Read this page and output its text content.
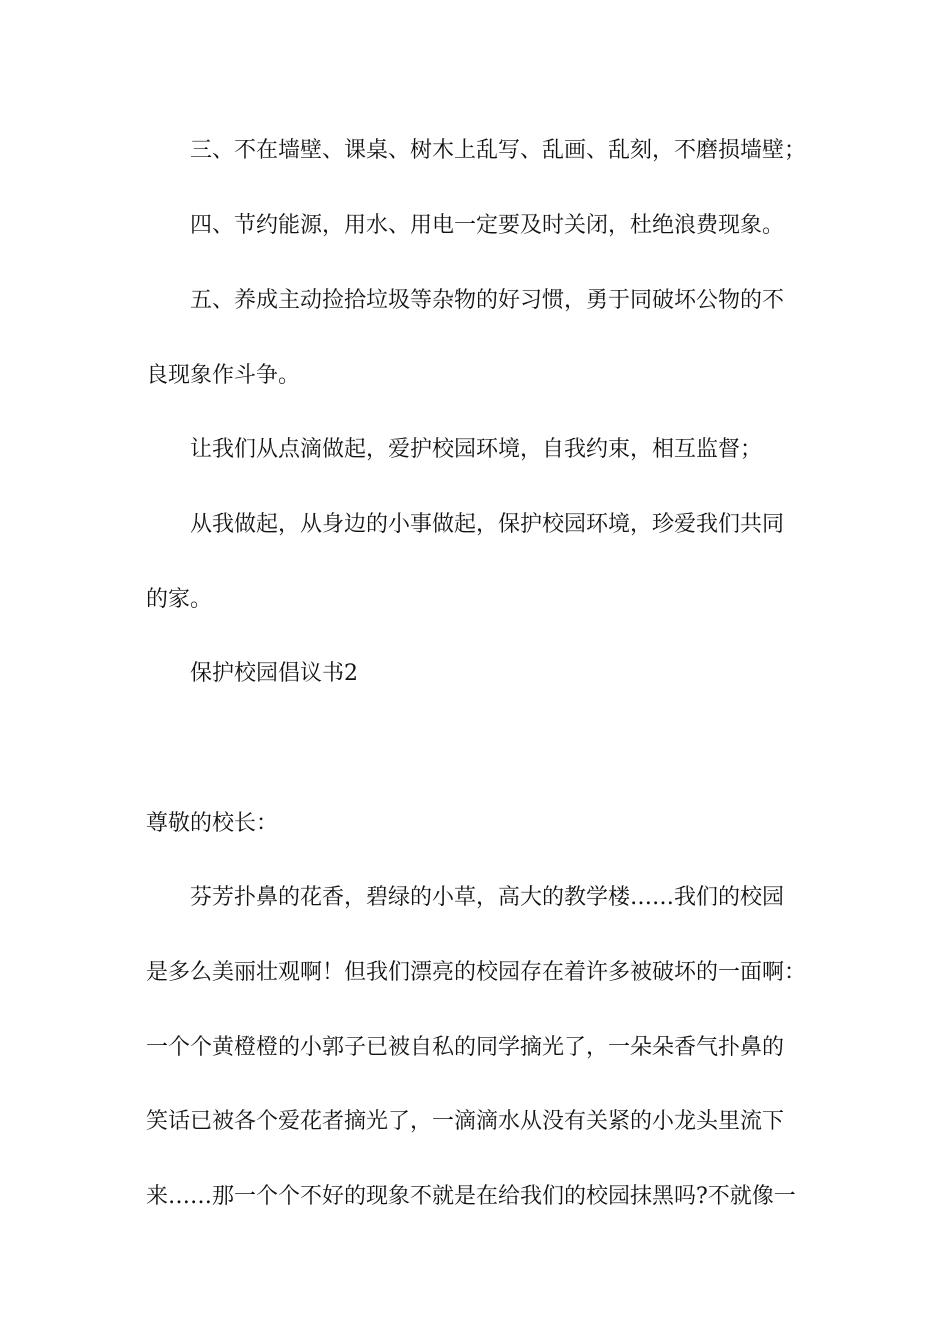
三、不在墙壁、课桌、树木上乱写、乱画、乱刻，不磨损墙壁；
四、节约能源，用水、用电一定要及时关闭，杜绝浪费现象。
五、养成主动捡拾垃圾等杂物的好习惯，勇于同破坏公物的不
良现象作斗争。
让我们从点滴做起，爱护校园环境，自我约束，相互监督；
从我做起，从身边的小事做起，保护校园环境，珍爱我们共同
的家。
保护校园倡议书2
尊敬的校长：
芬芳扑鼻的花香，碧绿的小草，高大的教学楼……我们的校园
是多么美丽壮观啊！但我们漂亮的校园存在着许多被破坏的一面啊：
一个个黄橙橙的小郭子已被自私的同学摘光了，一朵朵香气扑鼻的
笑话已被各个爱花者摘光了，一滴滴水从没有关紧的小龙头里流下
来……那一个个不好的现象不就是在给我们的校园抹黑吗?不就像一
